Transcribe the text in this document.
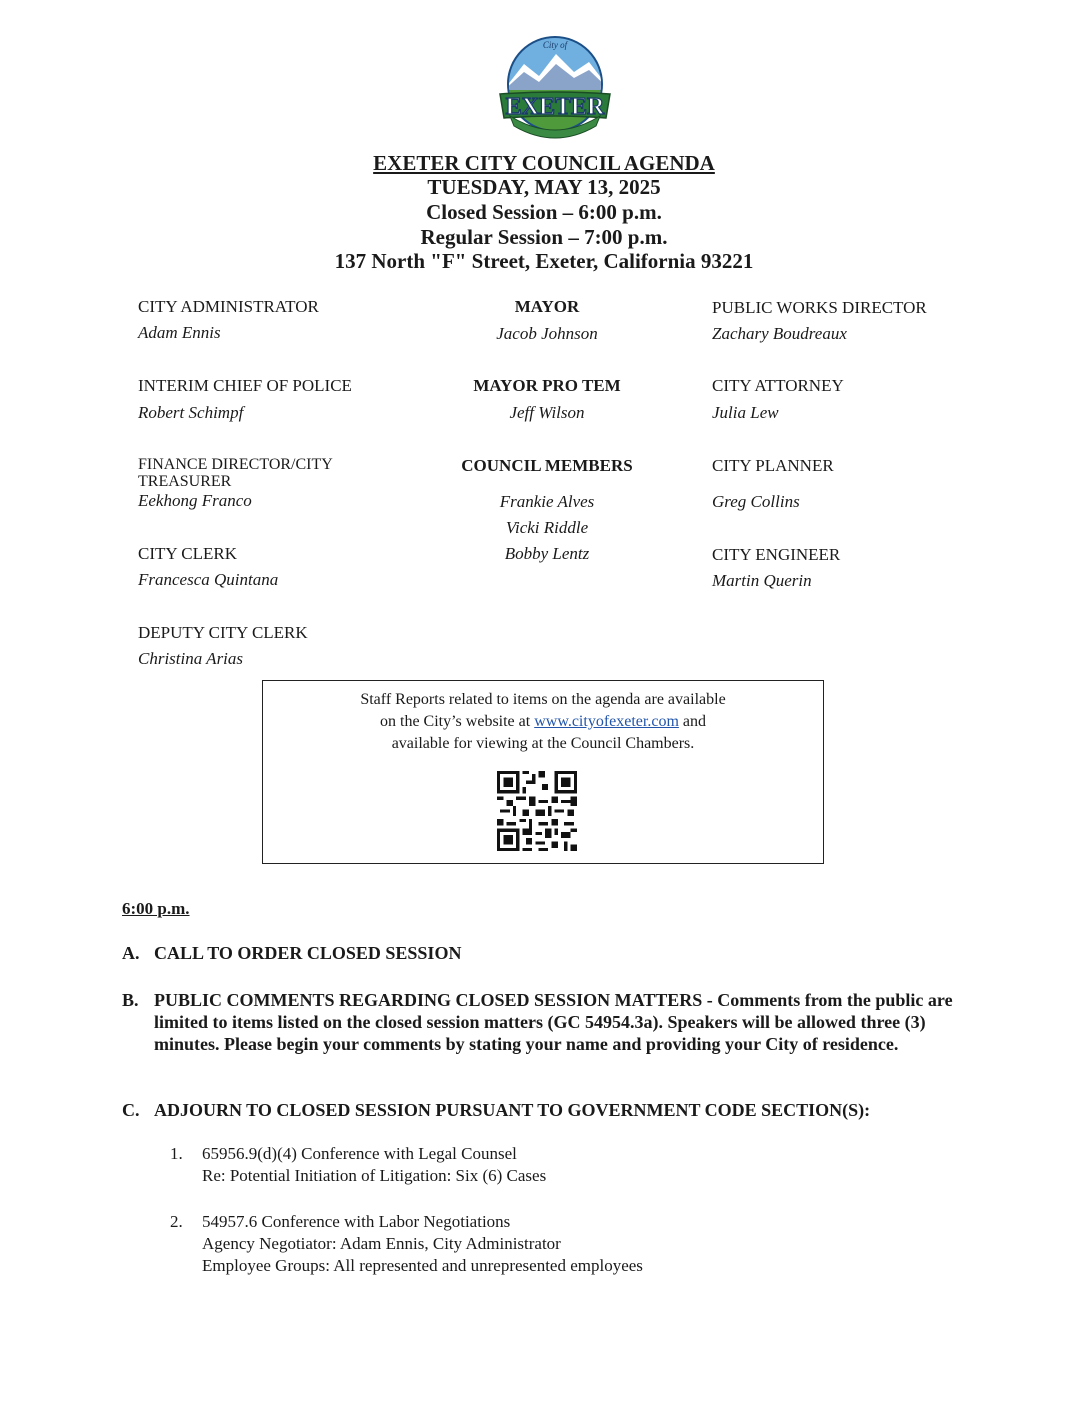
EXETER
City of
EXETER CITY COUNCIL AGENDA
TUESDAY, MAY 13, 2025
Closed Session – 6:00 p.m.
Regular Session – 7:00 p.m.
137 North "F" Street, Exeter, California 93221
CITY ADMINISTRATOR
Adam Ennis
INTERIM CHIEF OF POLICE
Robert Schimpf
FINANCE DIRECTOR/CITY
TREASURER
Eekhong Franco
CITY CLERK
Francesca Quintana
DEPUTY CITY CLERK
Christina Arias
MAYOR
Jacob Johnson
MAYOR PRO TEM
Jeff Wilson
COUNCIL MEMBERS
Frankie Alves
Vicki Riddle
Bobby Lentz
PUBLIC WORKS DIRECTOR
Zachary Boudreaux
CITY ATTORNEY
Julia Lew
CITY PLANNER
Greg Collins
CITY ENGINEER
Martin Querin
Staff Reports related to items on the agenda are available
on the City’s website at www.cityofexeter.com and
available for viewing at the Council Chambers.
6:00 p.m.
A. CALL TO ORDER CLOSED SESSION
B. PUBLIC COMMENTS REGARDING CLOSED SESSION MATTERS - Comments from the public are limited to items listed on the closed session matters (GC 54954.3a). Speakers will be allowed three (3) minutes. Please begin your comments by stating your name and providing your City of residence.
C. ADJOURN TO CLOSED SESSION PURSUANT TO GOVERNMENT CODE SECTION(S):
1. 65956.9(d)(4) Conference with Legal Counsel
Re: Potential Initiation of Litigation: Six (6) Cases
2. 54957.6 Conference with Labor Negotiations
Agency Negotiator: Adam Ennis, City Administrator
Employee Groups: All represented and unrepresented employees
